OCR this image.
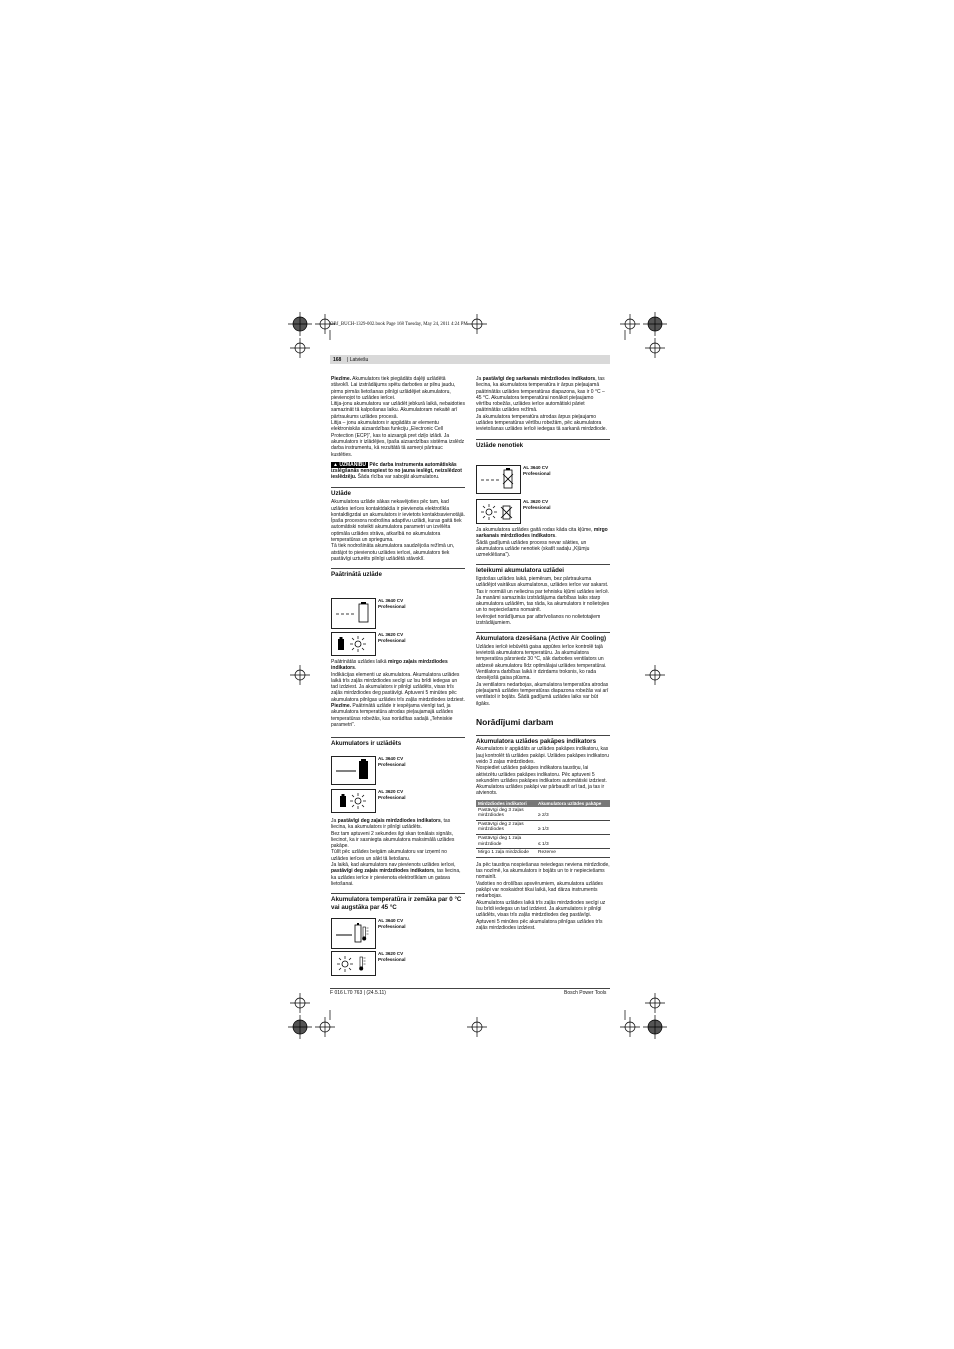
OBJ_BUCH-1329-002.book Page 168 Tuesday, May 24, 2011 4:24 PM
168 | Latviešu

Piezīme. Akumulators tiek piegādāts daļēji uzlādētā stāvoklī. Lai izstrādājums spētu darboties ar pilnu jaudu, pirms pirmās lietošanas pilnīgi uzlādējiet akumulatoru, pievienojot to uzlādes ierīcei.

Litija-jonu akumulatoru var uzlādēt jebkurā laikā, nebaidoties samazināt tā kalpošanas laiku. Akumulatoram nekaitē arī pārtraukums uzlādes procesā.

Litija – jonu akumulators ir apgādāts ar elementu elektroniskās aizsardzības funkciju „Electronic Cell Protection (ECP)“, kas to aizsargā pret dziļo izlādi. Ja akumulators ir izlādējies, īpaša aizsardzības sistēma izslēdz darba instrumentu, kā rezultātā tā asmeņi pārtrauc kustēties.

▲ UZMANĪBU Pēc darba instrumenta automātiskās izslēgšanās nenospiest to no jauna ieslēgt, neizslēdzot ieslēdzēju. Šāda rīcība var sabojāt akumulatoru.

Uzlāde

Akumulatora uzlāde sākas nekavējoties pēc tam, kad uzlādes ierīces kontaktdakša ir pievienota elektrotīkla kontaktligzdai un akumulators ir ievietots kontaktsavienotājā.

Īpaša procesora nodrošina adaptīvu uzlādi, kuras gaitā tiek automātiski noteikti akumulatora parametri un izvēlēta optimāla uzlādes strāva, atkarībā no akumulatora temperatūras un sprieguma.

Tā tiek nodrošināta akumulatora saudzējoša režīmā un, atstājot to pievienotu uzlādes ierīcei, akumulators tiek pastāvīgi uzturēts pilnīgi uzlādētā stāvoklī.

Paātrinātā uzlāde

AL 3640 CV
Professional
AL 3620 CV
Professional

Paātrinātās uzlādes laikā mirgo zaļais mirdzdiodes indikators.

Indikācijas elementi uz akumulatora. Akumulatora uzlādes laikā trīs zaļās mirdzdiodes secīgi uz īsu brīdi iedegas un tad izdziest. Ja akumulators ir pilnīgi uzlādēts, visas trīs zaļās mirdzdiodes deg pastāvīgi. Aptuveni 5 minūtes pēc akumulatora pilnīgas uzlādes trīs zaļās mirdzdiodes izdziest.

Piezīme. Paātrinātā uzlāde ir iespējama vienīgi tad, ja akumulatora temperatūra atrodas pieļaujamajā uzlādes temperatūras robežās, kas norādītas sadaļā „Tehniskie parametri“.

Akumulators ir uzlādēts

AL 3640 CV
Professional
AL 3620 CV
Professional

Ja pastāvīgi deg zaļais mirdzdiodes indikators, tas liecina, ka akumulators ir pilnīgi uzlādēts.

Bez tam aptuveni 2 sekundes ilgi skan tonālais signāls, liecinot, ka ir sasniegta akumulatora maksimālā uzlādes pakāpe.

Tūlīt pēc uzlādes beigām akumulatoru var izņemt no uzlādes ierīces un sākt tā lietošanu.

Ja laikā, kad akumulators nav pievienots uzlādes ierīcei, pastāvīgi deg zaļais mirdzdiodes indikators, tas liecina, ka uzlādes ierīce ir pievienota elektrotīklam un gatava lietošanai.

Akumulatora temperatūra ir zemāka par 0 °C vai augstāka par 45 °C

AL 3640 CV
Professional
AL 3620 CV
Professional

Ja pastāvīgi deg sarkanais mirdzdiodes indikators, tas liecina, ka akumulatora temperatūra ir ārpus pieļaujamā paātrinātās uzlādes temperatūras diapazona, kas ir 0 °C – 45 °C. Akumulatora temperatūrai nonākot pieļaujamo vērtību robežās, uzlādes ierīce automātiski pāriet paātrinātās uzlādes režīmā.

Ja akumulatora temperatūra atrodas ārpus pieļaujamo uzlādes temperatūras vērtību robežām, pēc akumulatora ievietošanas uzlādes ierīcē iedegas tā sarkanā mirdzdiode.

Uzlāde nenotiek

AL 3640 CV
Professional
AL 3620 CV
Professional

Ja akumulatora uzlādes gaitā rodas kāda cita kļūme, mirgo sarkanais mirdzdiodes indikators.

Šādā gadījumā uzlādes process nevar sākties, un akumulatora uzlāde nenotiek (skatīt sadaļu „Kļūmju uzmeklēšana“).

Ieteikumi akumulatora uzlādei

Ilgstošas uzlādes laikā, piemēram, bez pārtraukuma uzlādējot vairākus akumulatorus, uzlādes ierīce var sakarst. Tas ir normāli un neliecina par tehnisku kļūmi uzlādes ierīcē.

Ja manāmi samazinās izstrādājuma darbības laiks starp akumulatora uzlādēm, tas rāda, ka akumulators ir nolietojies un to nepieciešams nomainīt.

Ievērojiet norādījumus par atbrīvošanos no nolietotajiem izstrādājumiem.

Akumulatora dzesēšana (Active Air Cooling)

Uzlādes ierīcē iebūvētā gaisa appūtes ierīce kontrolē tajā ievietotā akumulatora temperatūru. Ja akumulatora temperatūra pārsniedz 30 °C, sāk darboties ventilators un atdzesē akumulatoru līdz optimālajai uzlādes temperatūrai. Ventilatora darbības laikā ir dzirdams troksnis, ko rada dzesējošā gaisa plūsma.

Ja ventilators nedarbojas, akumulatora temperatūra atrodas pieļaujamā uzlādes temperatūras diapazona robežās vai arī ventilatoī ir bojāts. Šādā gadījumā uzlādes laiks var būt ilgāks.

Norādījumi darbam

Akumulatora uzlādes pakāpes indikators

Akumulators ir apgādāts ar uzlādes pakāpes indikatoru, kas ļauj kontrolēt tā uzlādes pakāpi. Uzlādes pakāpes indikatoru veido 3 zaļas mirdzdiodes.

Nospiediet uzlādes pakāpes indikatora taustiņu, lai aktivizētu uzlādes pakāpes indikatoru. Pēc aptuveni 5 sekundēm uzlādes pakāpes indikators automātiski izdziest.

Akumulatora uzlādes pakāpi var pārbaudīt arī tad, ja tas ir atvienots.

Mirdzdiodes indikatori	Akumulatora uzlādes pakāpe
Pastāvīgi deg 3 zaļas mirdzdiodes	≥ 2/3
Pastāvīgi deg 2 zaļas mirdzdiodes	≥ 1/3
Pastāvīgi deg 1 zaļa mirdzdiode	≤ 1/3
Mirgo 1 zaļa mirdzdiode	Rezerve

Ja pēc taustiņa nospiešanas neiedegas neviena mirdzdiode, tas nozīmē, ka akumulators ir bojāts un to ir nepieciešams nomainīt.

Vadoties no drošības apsvērumiem, akumulatora uzlādes pakāpi var noskaidrot tikai laikā, kad dārza instruments nedarbojas.

Akumulatora uzlādes laikā trīs zaļās mirdzdiodes secīgi uz īsu brīdi iedegas un tad izdziest. Ja akumulators ir pilnīgi uzlādēts, visas trīs zaļās mirdzdiodes deg pastāvīgi. Aptuveni 5 minūtes pēc akumulatora pilnīgas uzlādes trīs zaļās mirdzdiodes izdziest.

F 016 L70 763 | (24.5.11)	Bosch Power Tools
